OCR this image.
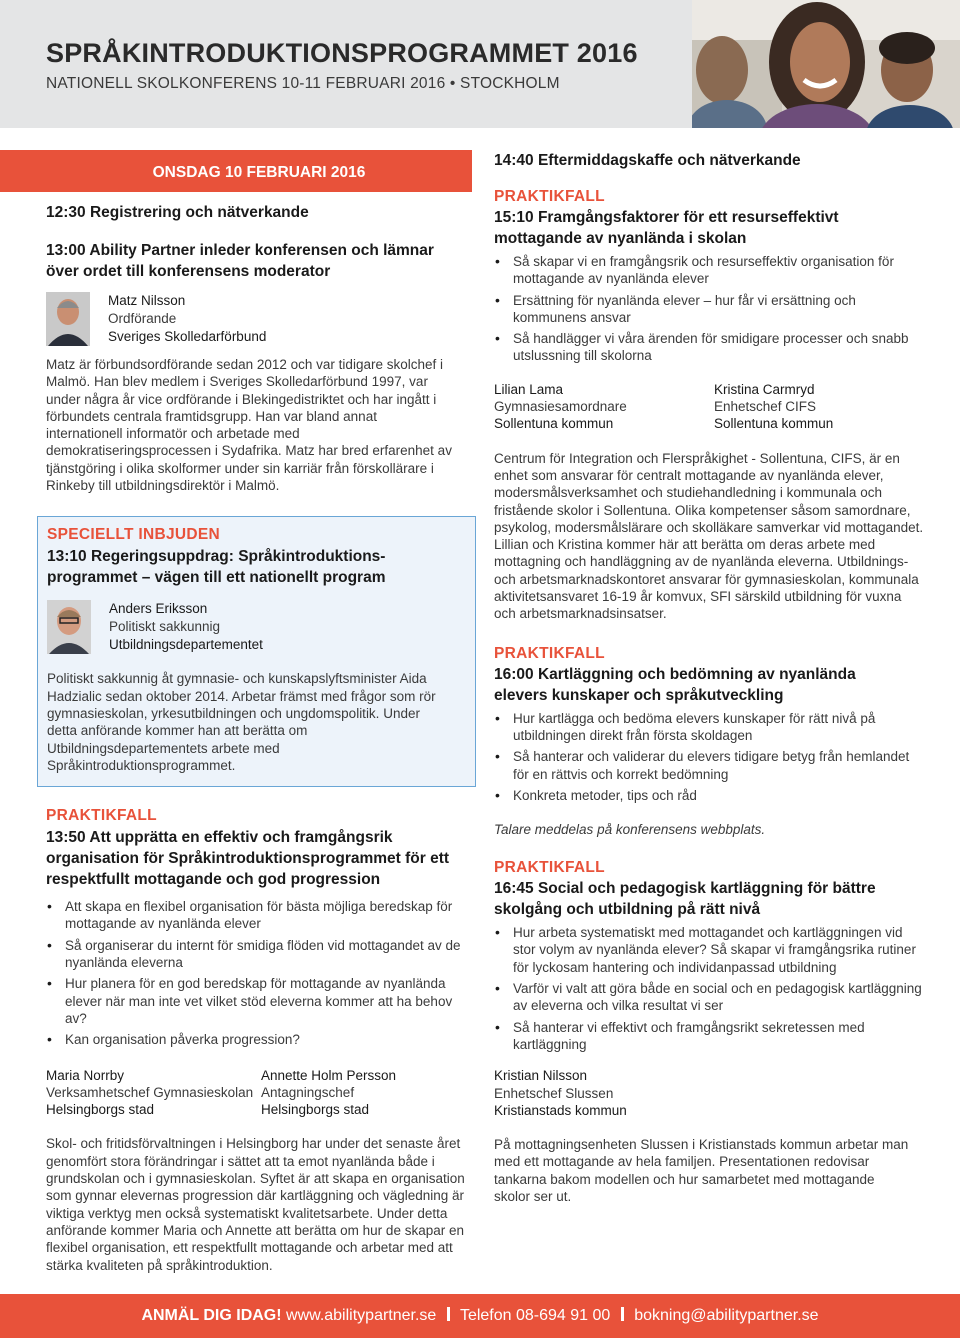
SPRÅKINTRODUKTIONSPROGRAMMET 2016
NATIONELL SKOLKONFERENS 10-11 FEBRUARI 2016 • STOCKHOLM
ONSDAG 10 FEBRUARI 2016
12:30 Registrering och nätverkande
13:00 Ability Partner inleder konferensen och lämnar över ordet till konferensens moderator
Matz Nilsson
Ordförande
Sveriges Skolledarförbund
Matz är förbundsordförande sedan 2012 och var tidigare skolchef i Malmö. Han blev medlem i Sveriges Skolledarförbund 1997, var under några år vice ordförande i Blekingedistriktet och har ingått i förbundets centrala framtidsgrupp. Han var bland annat internationell informatör och arbetade med demokratiseringsprocessen i Sydafrika. Matz har bred erfarenhet av tjänstgöring i olika skolformer under sin karriär från förskollärare i Rinkeby till utbildningsdirektör i Malmö.
SPECIELLT INBJUDEN
13:10 Regeringsuppdrag: Språkintroduktions-programmet – vägen till ett nationellt program
Anders Eriksson
Politiskt sakkunnig
Utbildningsdepartementet
Politiskt sakkunnig åt gymnasie- och kunskapslyftsminister Aida Hadzialic sedan oktober 2014. Arbetar främst med frågor som rör gymnasieskolan, yrkesutbildningen och ungdomspolitik. Under detta anförande kommer han att berätta om Utbildningsdepartementets arbete med Språkintroduktionsprogrammet.
PRAKTIKFALL
13:50 Att upprätta en effektiv och framgångsrik organisation för Språkintroduktionsprogrammet för ett respektfullt mottagande och god progression
• Att skapa en flexibel organisation för bästa möjliga beredskap för mottagande av nyanlända elever
• Så organiserar du internt för smidiga flöden vid mottagandet av de nyanlända eleverna
• Hur planera för en god beredskap för mottagande av nyanlända elever när man inte vet vilket stöd eleverna kommer att ha behov av?
• Kan organisation påverka progression?
Maria Norrby
Verksamhetschef Gymnasieskolan
Helsingborgs stad
Annette Holm Persson
Antagningschef
Helsingborgs stad
Skol- och fritidsförvaltningen i Helsingborg har under det senaste året genomfört stora förändringar i sättet att ta emot nyanlända både i grundskolan och i gymnasieskolan. Syftet är att skapa en organisation som gynnar elevernas progression där kartläggning och vägledning är viktiga verktyg men också systematiskt kvalitetsarbete. Under detta anförande kommer Maria och Annette att berätta om hur de skapar en flexibel organisation, ett respektfullt mottagande och arbetar med att stärka kvaliteten på språkintroduktion.
14:40 Eftermiddagskaffe och nätverkande
PRAKTIKFALL
15:10 Framgångsfaktorer för ett resurseffektivt mottagande av nyanlända i skolan
• Så skapar vi en framgångsrik och resurseffektiv organisation för mottagande av nyanlända elever
• Ersättning för nyanlända elever – hur får vi ersättning och kommunens ansvar
• Så handlägger vi våra ärenden för smidigare processer och snabb utslussning till skolorna
Lilian Lama
Gymnasiesamordnare
Sollentuna kommun
Kristina Carmryd
Enhetschef CIFS
Sollentuna kommun
Centrum för Integration och Flerspråkighet - Sollentuna, CIFS, är en enhet som ansvarar för centralt mottagande av nyanlända elever, modersmålsverksamhet och studiehandledning i kommunala och fristående skolor i Sollentuna. Olika kompetenser såsom samordnare, psykolog, modersmålslärare och skolläkare samverkar vid mottagandet. Lillian och Kristina kommer här att berätta om deras arbete med mottagning och handläggning av de nyanlända eleverna. Utbildnings- och arbetsmarknadskontoret ansvarar för gymnasieskolan, kommunala aktivitetsansvaret 16-19 år komvux, SFI särskild utbildning för vuxna och arbetsmarknadsinsatser.
PRAKTIKFALL
16:00 Kartläggning och bedömning av nyanlända elevers kunskaper och språkutveckling
• Hur kartlägga och bedöma elevers kunskaper för rätt nivå på utbildningen direkt från första skoldagen
• Så hanterar och validerar du elevers tidigare betyg från hemlandet för en rättvis och korrekt bedömning
• Konkreta metoder, tips och råd
Talare meddelas på konferensens webbplats.
PRAKTIKFALL
16:45 Social och pedagogisk kartläggning för bättre skolgång och utbildning på rätt nivå
• Hur arbeta systematiskt med mottagandet och kartläggningen vid stor volym av nyanlända elever? Så skapar vi framgångsrika rutiner för lyckosam hantering och individanpassad utbildning
• Varför vi valt att göra både en social och en pedagogisk kartläggning av eleverna och vilka resultat vi ser
• Så hanterar vi effektivt och framgångsrikt sekretessen med kartläggning
Kristian Nilsson
Enhetschef Slussen
Kristianstads kommun
På mottagningsenheten Slussen i Kristianstads kommun arbetar man med ett mottagande av hela familjen. Presentationen redovisar tankarna bakom modellen och hur samarbetet med mottagande skolor ser ut.
ANMÄL DIG IDAG! www.abilitypartner.se Telefon 08-694 91 00 bokning@abilitypartner.se
